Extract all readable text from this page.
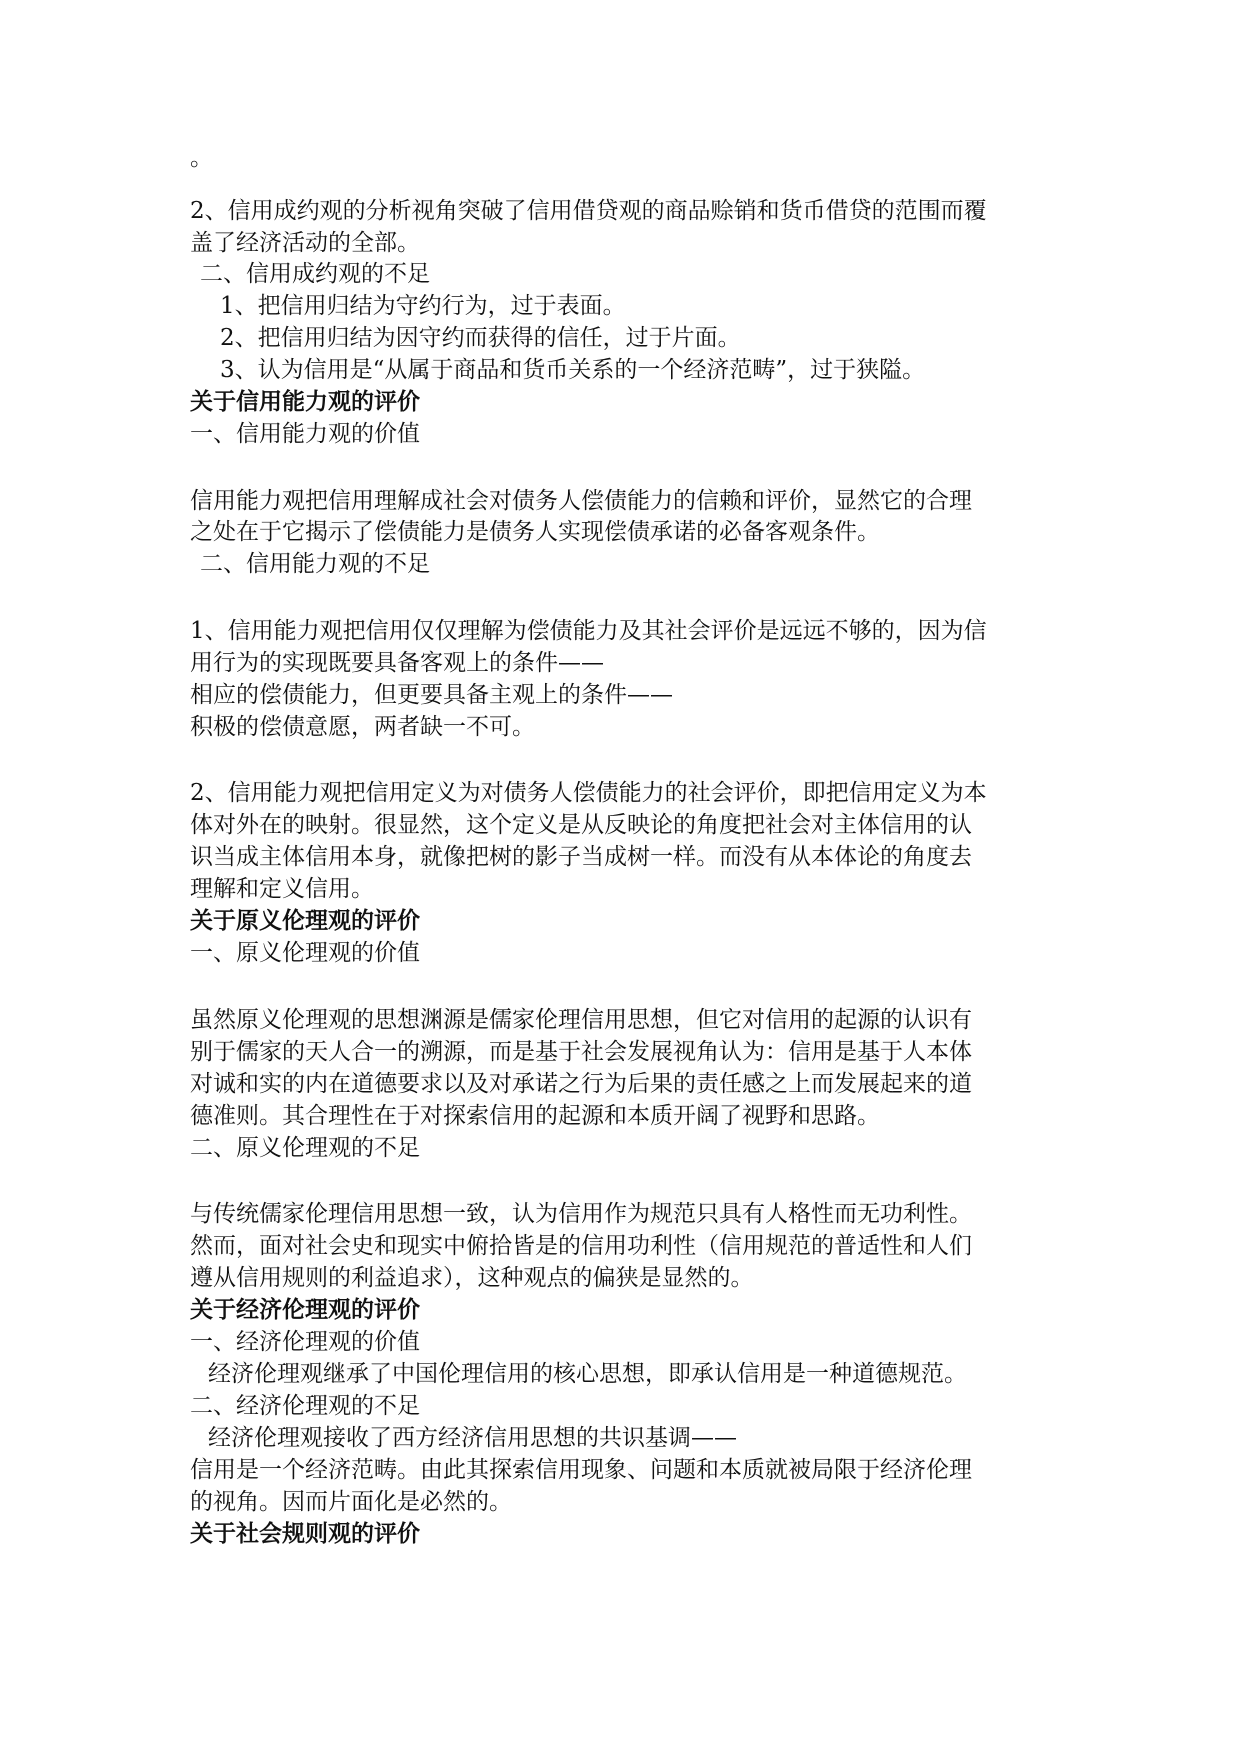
。
2、信用成约观的分析视角突破了信用借贷观的商品赊销和货币借贷的范围而覆
盖了经济活动的全部。
二、信用成约观的不足
1、把信用归结为守约行为，过于表面。
2、把信用归结为因守约而获得的信任，过于片面。
3、认为信用是“从属于商品和货币关系的一个经济范畴”，过于狭隘。
关于信用能力观的评价
一、信用能力观的价值
信用能力观把信用理解成社会对债务人偿债能力的信赖和评价，显然它的合理
之处在于它揭示了偿债能力是债务人实现偿债承诺的必备客观条件。
二、信用能力观的不足
1、信用能力观把信用仅仅理解为偿债能力及其社会评价是远远不够的，因为信
用行为的实现既要具备客观上的条件——
相应的偿债能力，但更要具备主观上的条件——
积极的偿债意愿，两者缺一不可。
2、信用能力观把信用定义为对债务人偿债能力的社会评价，即把信用定义为本
体对外在的映射。很显然，这个定义是从反映论的角度把社会对主体信用的认
识当成主体信用本身，就像把树的影子当成树一样。而没有从本体论的角度去
理解和定义信用。
关于原义伦理观的评价
一、原义伦理观的价值
虽然原义伦理观的思想渊源是儒家伦理信用思想，但它对信用的起源的认识有
别于儒家的天人合一的溯源，而是基于社会发展视角认为：信用是基于人本体
对诚和实的内在道德要求以及对承诺之行为后果的责任感之上而发展起来的道
德准则。其合理性在于对探索信用的起源和本质开阔了视野和思路。
二、原义伦理观的不足
与传统儒家伦理信用思想一致，认为信用作为规范只具有人格性而无功利性。
然而，面对社会史和现实中俯拾皆是的信用功利性（信用规范的普适性和人们
遵从信用规则的利益追求），这种观点的偏狭是显然的。
关于经济伦理观的评价
一、经济伦理观的价值
经济伦理观继承了中国伦理信用的核心思想，即承认信用是一种道德规范。
二、经济伦理观的不足
经济伦理观接收了西方经济信用思想的共识基调——
信用是一个经济范畴。由此其探索信用现象、问题和本质就被局限于经济伦理
的视角。因而片面化是必然的。
关于社会规则观的评价
